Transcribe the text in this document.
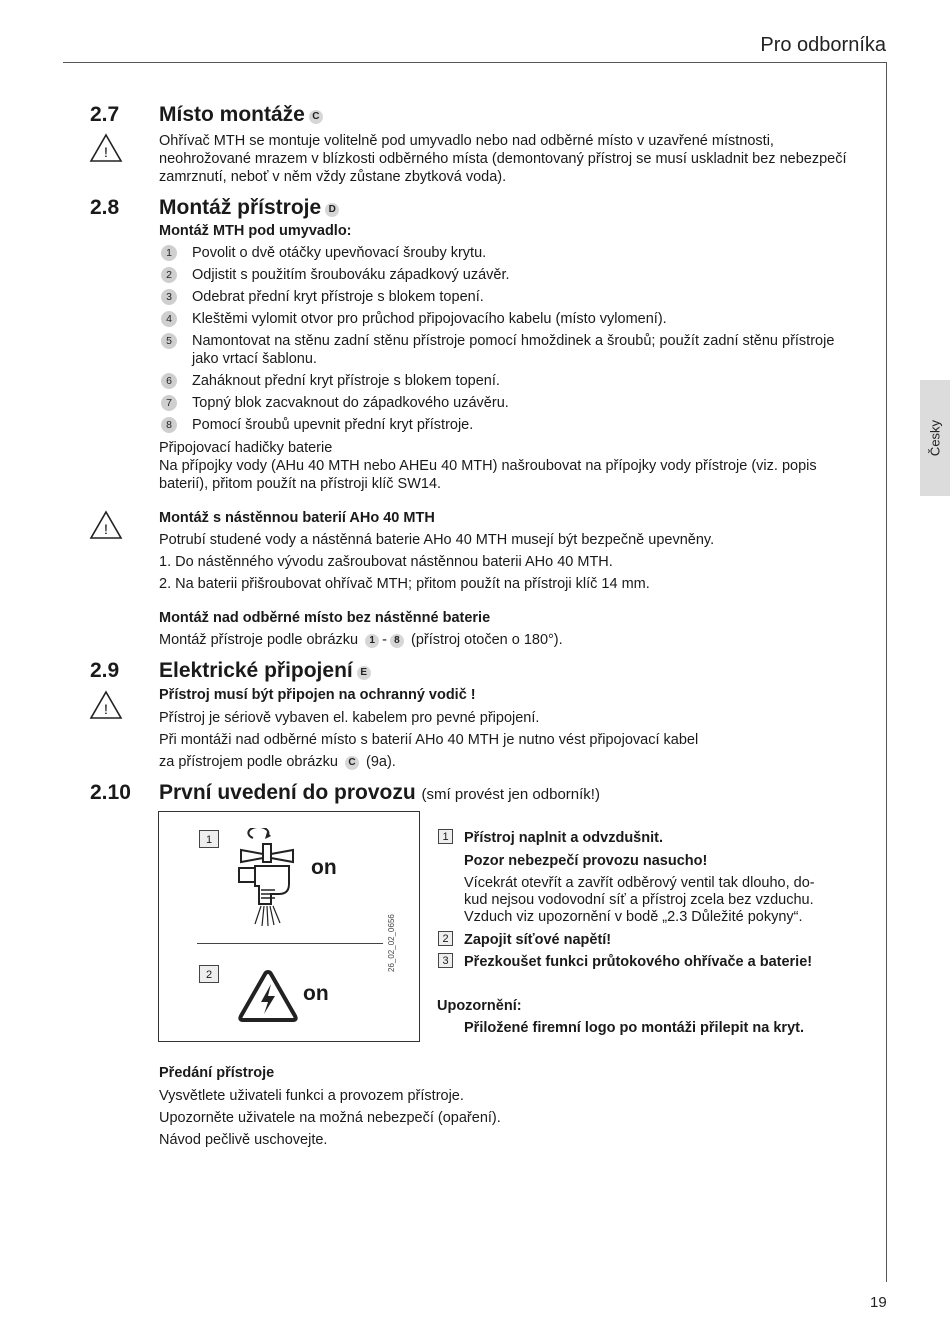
Pro odborníka
Česky
19
2.7 Místo montáže C
!
Ohřívač MTH se montuje volitelně pod umyvadlo nebo nad odběrné místo v uzavřené místnosti, neohrožované mrazem v blízkosti odběrného místa (demontovaný přístroj se musí uskladnit bez nebezpečí zamrznutí, neboť v něm vždy zůstane zbytková voda).
2.8 Montáž přístroje D
Montáž MTH pod umyvadlo:
1	Povolit o dvě otáčky upevňovací šrouby krytu.
2	Odjistit s použitím šroubováku západkový uzávěr.
3	Odebrat přední kryt přístroje s blokem topení.
4	Kleštěmi vylomit otvor pro průchod připojovacího kabelu (místo vylomení).
5	Namontovat na stěnu zadní stěnu přístroje pomocí hmoždinek a šroubů; použít zadní stěnu přístroje jako vrtací šablonu.
6	Zaháknout přední kryt přístroje s blokem topení.
7	Topný blok zacvaknout do západkového uzávěru.
8	Pomocí šroubů upevnit přední kryt přístroje.
Připojovací hadičky baterie
Na přípojky vody (AHu 40 MTH nebo AHEu 40 MTH) našroubovat na přípojky vody přístroje (viz. popis baterií), přitom použít na přístroji klíč SW14.
!
Montáž s nástěnnou baterií AHo 40 MTH
Potrubí studené vody a nástěnná baterie AHo 40 MTH musejí být bezpečně upevněny.
1. Do nástěnného vývodu zašroubovat nástěnnou baterii AHo 40 MTH.
2. Na baterii přišroubovat ohřívač MTH; přitom použít na přístroji klíč 14 mm.
Montáž nad odběrné místo bez nástěnné baterie
Montáž přístroje podle obrázku 1 - 8 (přístroj otočen o 180°).
2.9 Elektrické připojení E
!
Přístroj musí být připojen na ochranný vodič !
Přístroj je sériově vybaven el. kabelem pro pevné připojení.
Při montáži nad odběrné místo s baterií AHo 40 MTH je nutno vést připojovací kabel
za přístrojem podle obrázku C (9a).
2.10 První uvedení do provozu (smí provést jen odborník!)
1
on
2
on
26_02_02_0656
1	Přístroj naplnit a odvzdušnit.
Pozor nebezpečí provozu nasucho!
Vícekrát otevřít a zavřít odběrový ventil tak dlouho, do-
kud nejsou vodovodní síť a přístroj zcela bez vzduchu.
Vzduch viz upozornění v bodě „2.3 Důležité pokyny“.
2	Zapojit síťové napětí!
3	Přezkoušet funkci průtokového ohřívače a baterie!
Upozornění:
Přiložené firemní logo po montáži přilepit na kryt.
Předání přístroje
Vysvětlete uživateli funkci a provozem přístroje.
Upozorněte uživatele na možná nebezpečí (opaření).
Návod pečlivě uschovejte.
